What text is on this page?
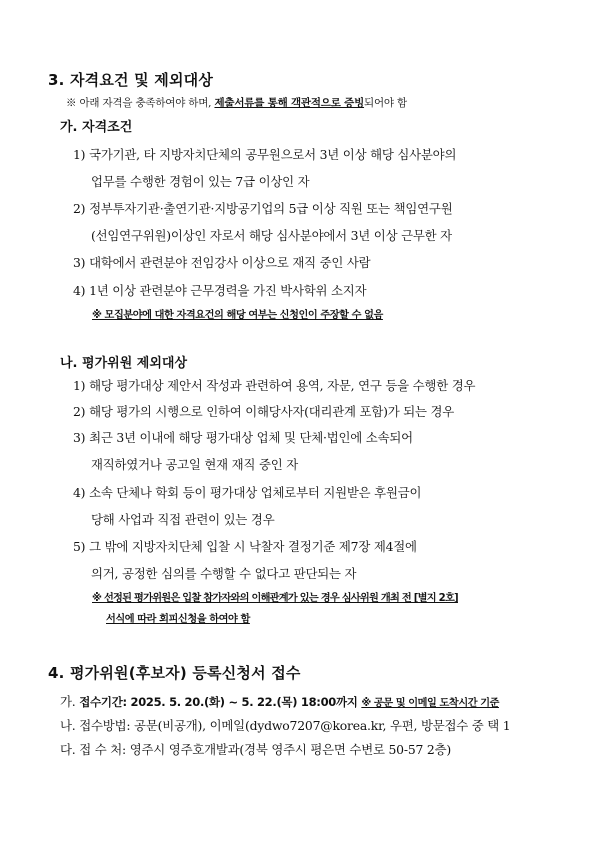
3. 자격요건 및 제외대상
※ 아래 자격을 충족하여야 하며, 제출서류를 통해 객관적으로 증빙되어야 함
가. 자격조건
1) 국가기관, 타 지방자치단체의 공무원으로서 3년 이상 해당 심사분야의
업무를 수행한 경험이 있는 7급 이상인 자
2) 정부투자기관·출연기관·지방공기업의 5급 이상 직원 또는 책임연구원
(선임연구위원)이상인 자로서 해당 심사분야에서 3년 이상 근무한 자
3) 대학에서 관련분야 전임강사 이상으로 재직 중인 사람
4) 1년 이상 관련분야 근무경력을 가진 박사학위 소지자
※ 모집분야에 대한 자격요건의 해당 여부는 신청인이 주장할 수 없음
나. 평가위원 제외대상
1) 해당 평가대상 제안서 작성과 관련하여 용역, 자문, 연구 등을 수행한 경우
2) 해당 평가의 시행으로 인하여 이해당사자(대리관계 포함)가 되는 경우
3) 최근 3년 이내에 해당 평가대상 업체 및 단체·법인에 소속되어
재직하였거나 공고일 현재 재직 중인 자
4) 소속 단체나 학회 등이 평가대상 업체로부터 지원받은 후원금이
당해 사업과 직접 관련이 있는 경우
5) 그 밖에 지방자치단체 입찰 시 낙찰자 결정기준 제7장 제4절에
의거, 공정한 심의를 수행할 수 없다고 판단되는 자
※ 선정된 평가위원은 입찰 참가자와의 이해관계가 있는 경우 심사위원 개최 전 [별지 2호]
서식에 따라 회피신청을 하여야 함
4. 평가위원(후보자) 등록신청서 접수
가. 접수기간: 2025. 5. 20.(화) ~ 5. 22.(목) 18:00까지 ※ 공문 및 이메일 도착시간 기준
나. 접수방법: 공문(비공개), 이메일(dydwo7207@korea.kr, 우편, 방문접수 중 택 1
다. 접 수 처: 영주시 영주호개발과(경북 영주시 평은면 수변로 50-57 2층)
